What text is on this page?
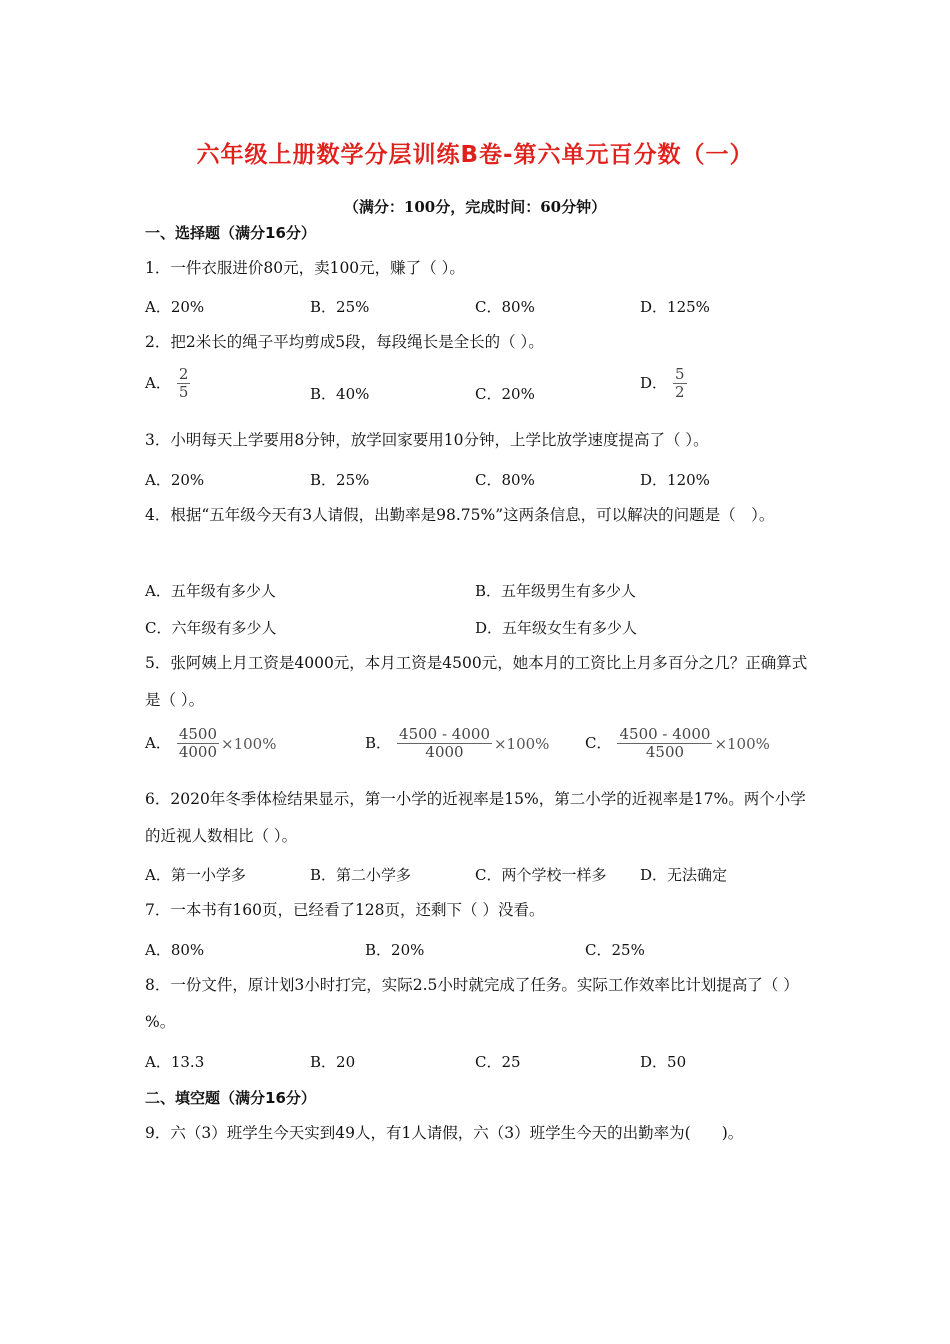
六年级上册数学分层训练B卷-第六单元百分数（一）
（满分：100分，完成时间：60分钟）
一、选择题（满分16分）
1．一件衣服进价80元，卖100元，赚了（ ）。
A．20%	B．25%	C．80%	D．125%
2．把2米长的绳子平均剪成5段，每段绳长是全长的（ ）。
A． $\frac{2}{5}$	B．40%	C．20%
D． $\frac{5}{2}$
3．小明每天上学要用8分钟，放学回家要用10分钟，上学比放学速度提高了（ ）。
A．20%	B．25%	C．80%	D．120%
4．根据“五年级今天有3人请假，出勤率是98.75%”这两条信息，可以解决的问题是（　）。
A．五年级有多少人	B．五年级男生有多少人
C．六年级有多少人	D．五年级女生有多少人
5．张阿姨上月工资是4000元，本月工资是4500元，她本月的工资比上月多百分之几？正确算式是（ ）。
A． $\frac{4500}{4000} \times 100\%$	B． $\frac{4500 - 4000}{4000} \times 100\%$ C． $\frac{4500 - 4000}{4500} \times 100\%$
6．2020年冬季体检结果显示，第一小学的近视率是15%，第二小学的近视率是17%。两个小学的近视人数相比（ ）。
A．第一小学多	B．第二小学多	C．两个学校一样多 D．无法确定
7．一本书有160页，已经看了128页，还剩下（ ）没看。
A．80%	B．20%	C．25%
8．一份文件，原计划3小时打完，实际2.5小时就完成了任务。实际工作效率比计划提高了（ ）%。
A．13.3	B．20	C．25	D．50
二、填空题（满分16分）
9．六（3）班学生今天实到49人，有1人请假，六（3）班学生今天的出勤率为(　　)。
